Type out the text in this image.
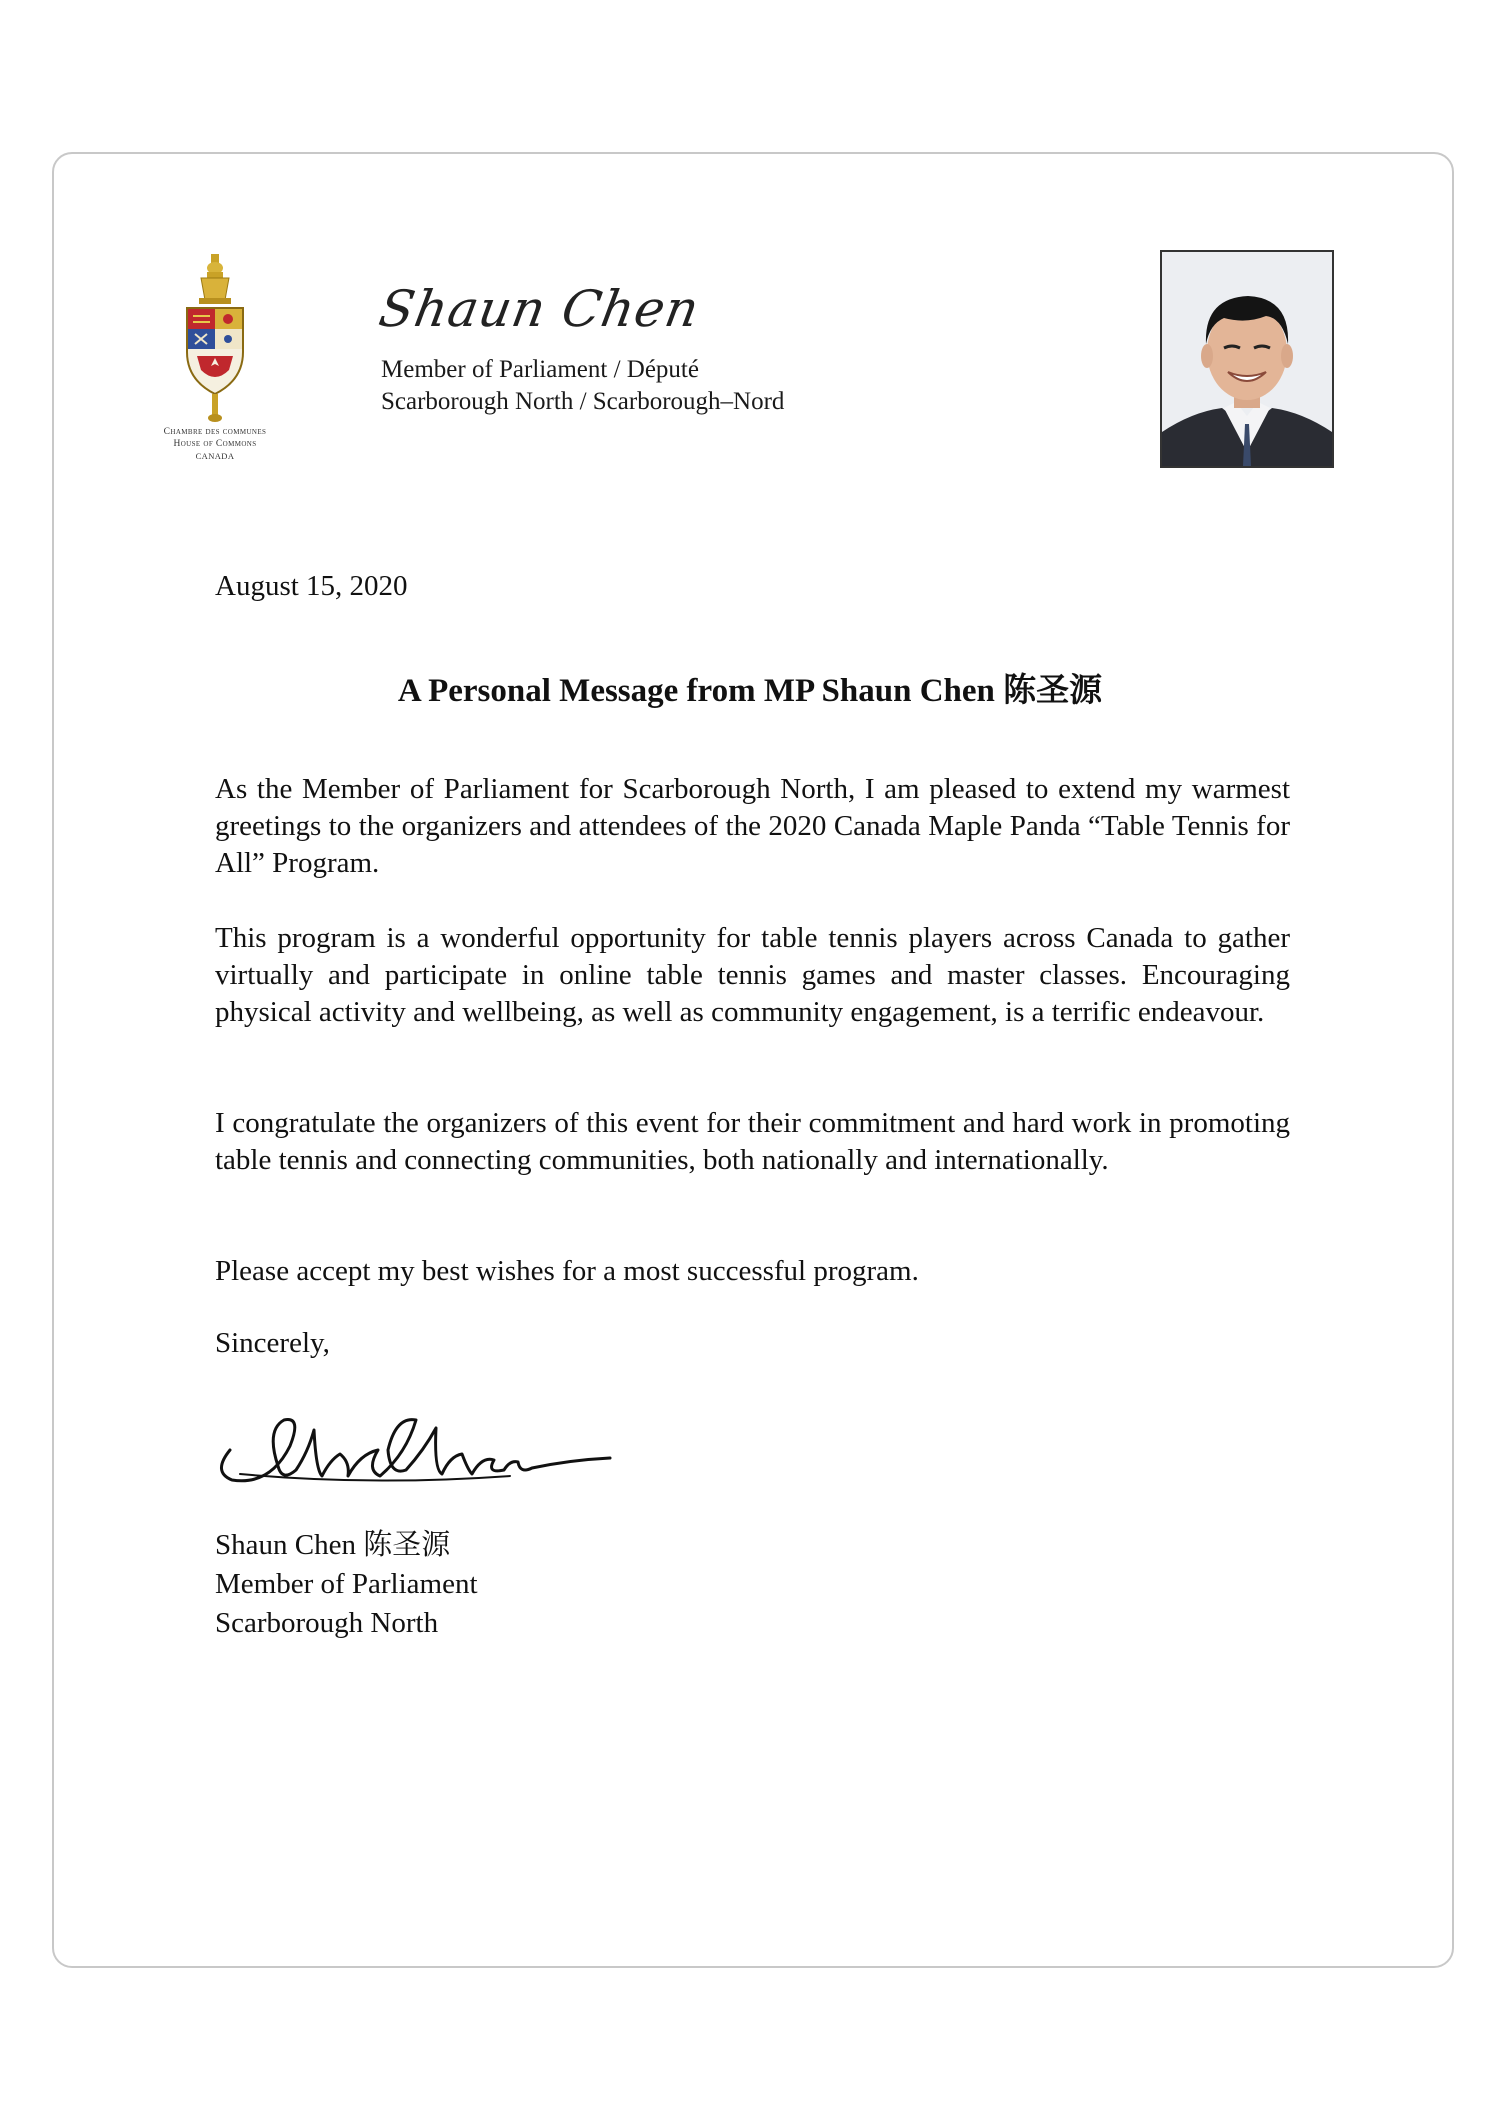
Chambre des communes
House of Commons
CANADA
Shaun Chen
Member of Parliament / Député
Scarborough North / Scarborough–Nord
August 15, 2020
A Personal Message from MP Shaun Chen 陈圣源
As the Member of Parliament for Scarborough North, I am pleased to extend my warmest greetings to the organizers and attendees of the 2020 Canada Maple Panda “Table Tennis for All” Program.
This program is a wonderful opportunity for table tennis players across Canada to gather virtually and participate in online table tennis games and master classes. Encouraging physical activity and wellbeing, as well as community engagement, is a terrific endeavour.
I congratulate the organizers of this event for their commitment and hard work in promoting table tennis and connecting communities, both nationally and internationally.
Please accept my best wishes for a most successful program.
Sincerely,
Shaun Chen 陈圣源
Member of Parliament
Scarborough North
